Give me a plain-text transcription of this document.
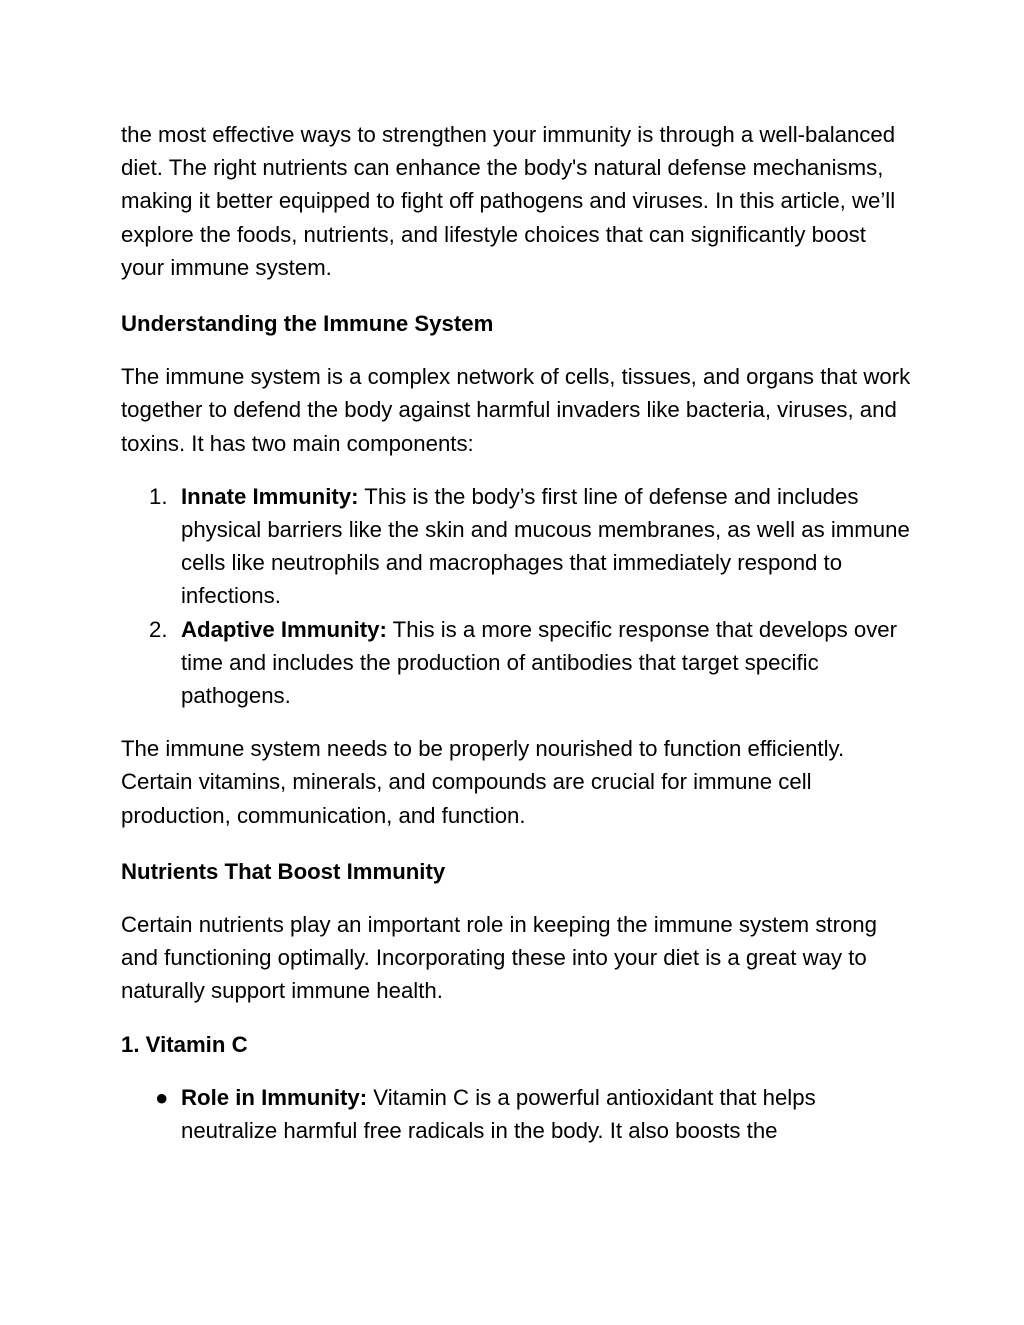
the most effective ways to strengthen your immunity is through a well-balanced diet. The right nutrients can enhance the body's natural defense mechanisms, making it better equipped to fight off pathogens and viruses. In this article, we’ll explore the foods, nutrients, and lifestyle choices that can significantly boost your immune system.

Understanding the Immune System

The immune system is a complex network of cells, tissues, and organs that work together to defend the body against harmful invaders like bacteria, viruses, and toxins. It has two main components:

1. Innate Immunity: This is the body’s first line of defense and includes physical barriers like the skin and mucous membranes, as well as immune cells like neutrophils and macrophages that immediately respond to infections.
2. Adaptive Immunity: This is a more specific response that develops over time and includes the production of antibodies that target specific pathogens.

The immune system needs to be properly nourished to function efficiently. Certain vitamins, minerals, and compounds are crucial for immune cell production, communication, and function.

Nutrients That Boost Immunity

Certain nutrients play an important role in keeping the immune system strong and functioning optimally. Incorporating these into your diet is a great way to naturally support immune health.

1. Vitamin C
● Role in Immunity: Vitamin C is a powerful antioxidant that helps neutralize harmful free radicals in the body. It also boosts the
